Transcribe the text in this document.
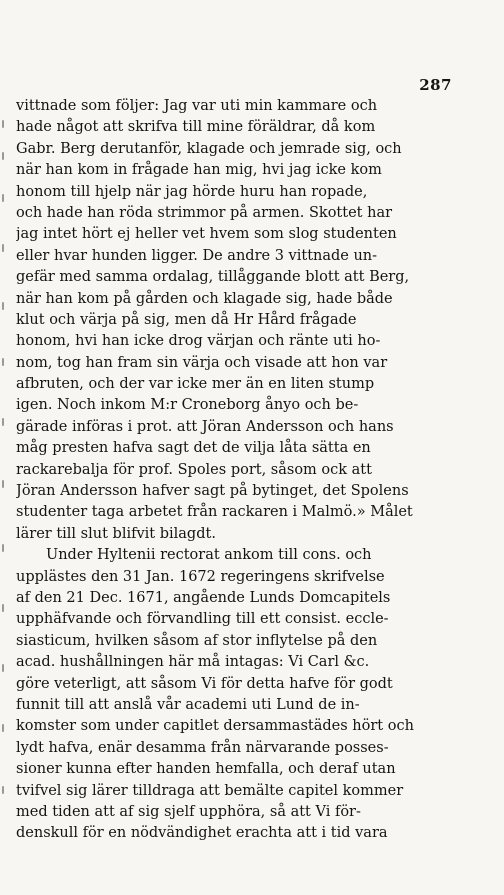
287
vittnade som följer: Jag var uti min kammare och
hade något att skrifva till mine föräldrar, då kom
Gabr. Berg derutanför, klagade och jemrade sig, och
när han kom in frågade han mig, hvi jag icke kom
honom till hjelp när jag hörde huru han ropade,
och hade han röda strimmor på armen. Skottet har
jag intet hört ej heller vet hvem som slog studenten
eller hvar hunden ligger. De andre 3 vittnade un-
gefär med samma ordalag, tillåggande blott att Berg,
när han kom på gården och klagade sig, hade både
klut och värja på sig, men då Hr Hård frågade
honom, hvi han icke drog värjan och ränte uti ho-
nom, tog han fram sin värja och visade att hon var
afbruten, och der var icke mer än en liten stump
igen. Noch inkom M:r Croneborg ånyo och be-
gärade införas i prot. att Jöran Andersson och hans
måg presten hafva sagt det de vilja låta sätta en
rackarebalja för prof. Spoles port, såsom ock att
Jöran Andersson hafver sagt på bytinget, det Spolens
studenter taga arbetet från rackaren i Malmö.» Målet
lärer till slut blifvit bilagdt.
Under Hyltenii rectorat ankom till cons. och
upplästes den 31 Jan. 1672 regeringens skrifvelse
af den 21 Dec. 1671, angående Lunds Domcapitels
upphäfvande och förvandling till ett consist. eccle-
siasticum, hvilken såsom af stor inflytelse på den
acad. hushållningen här må intagas: Vi Carl &c.
göre veterligt, att såsom Vi för detta hafve för godt
funnit till att anslå vår academi uti Lund de in-
komster som under capitlet dersammastädes hört och
lydt hafva, enär desamma från närvarande posses-
sioner kunna efter handen hemfalla, och deraf utan
tvifvel sig lärer tilldraga att bemälte capitel kommer
med tiden att af sig sjelf upphöra, så att Vi för-
denskull för en nödvändighet erachta att i tid vara
